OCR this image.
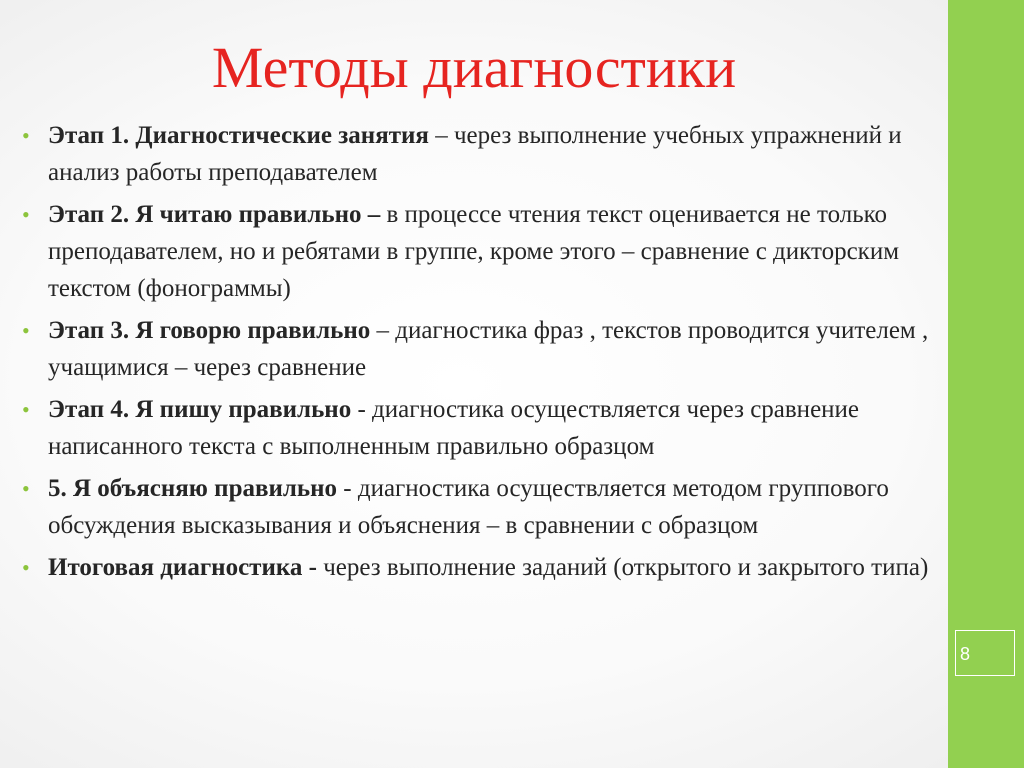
Методы диагностики
• Этап 1. Диагностические занятия – через выполнение учебных упражнений и анализ работы преподавателем
• Этап 2. Я читаю правильно – в процессе чтения текст оценивается не только преподавателем, но и ребятами в группе, кроме этого – сравнение с дикторским текстом (фонограммы)
• Этап 3. Я говорю правильно – диагностика фраз , текстов проводится учителем , учащимися – через сравнение
• Этап 4. Я пишу правильно - диагностика осуществляется через сравнение написанного текста с выполненным правильно образцом
• 5. Я объясняю правильно - диагностика осуществляется методом группового обсуждения высказывания и объяснения – в сравнении с образцом
• Итоговая диагностика - через выполнение заданий (открытого и закрытого типа)
8
